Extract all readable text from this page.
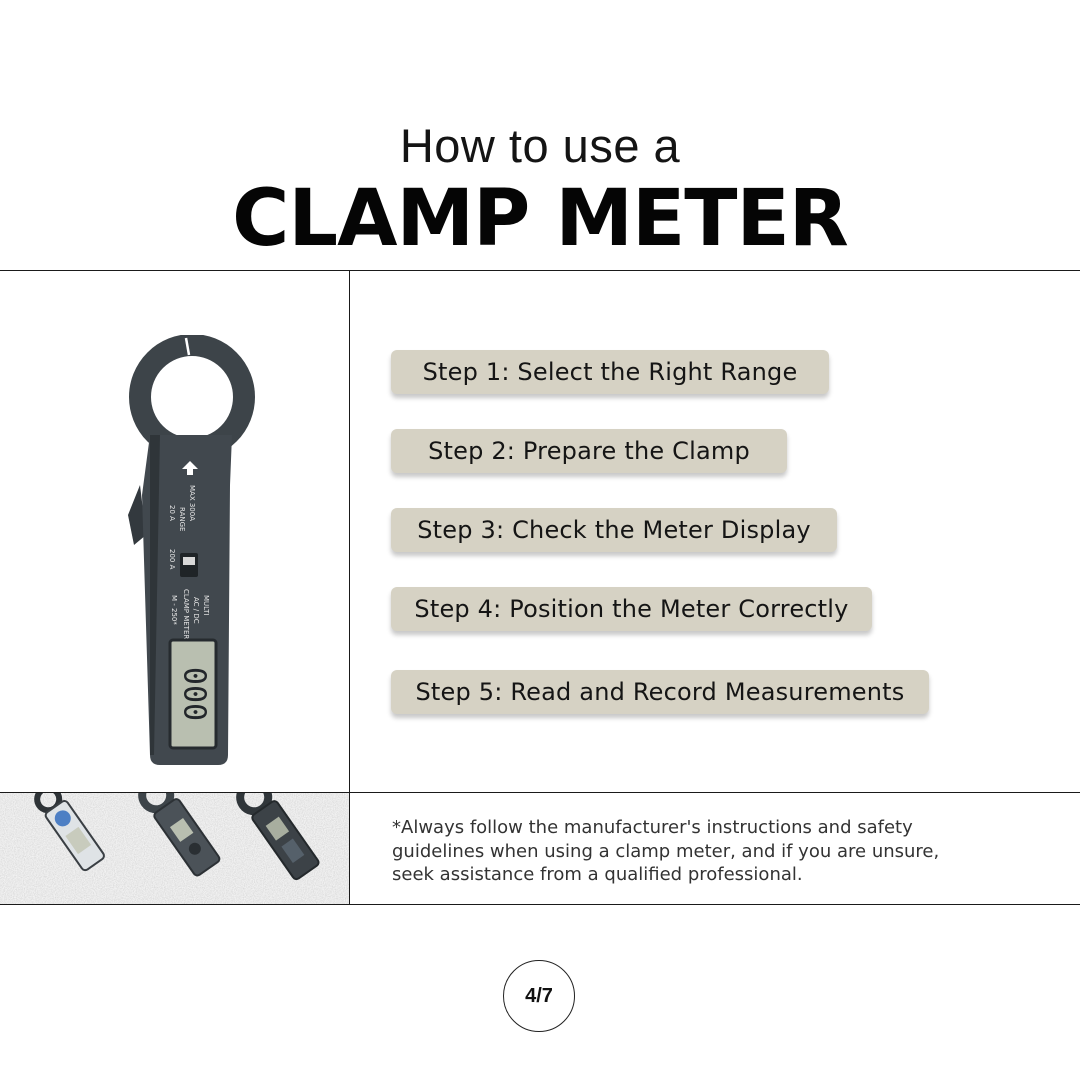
How to use a
CLAMP METER
MAX 300A
RANGE
20 A
200 A
MULTI
AC / DC
CLAMP METER
M - 250*
000
Step 1: Select the Right Range
Step 2: Prepare the Clamp
Step 3: Check the Meter Display
Step 4: Position the Meter Correctly
Step 5: Read and Record Measurements
*Always follow the manufacturer's instructions and safety
guidelines when using a clamp meter, and if you are unsure,
seek assistance from a qualified professional.
4/7
